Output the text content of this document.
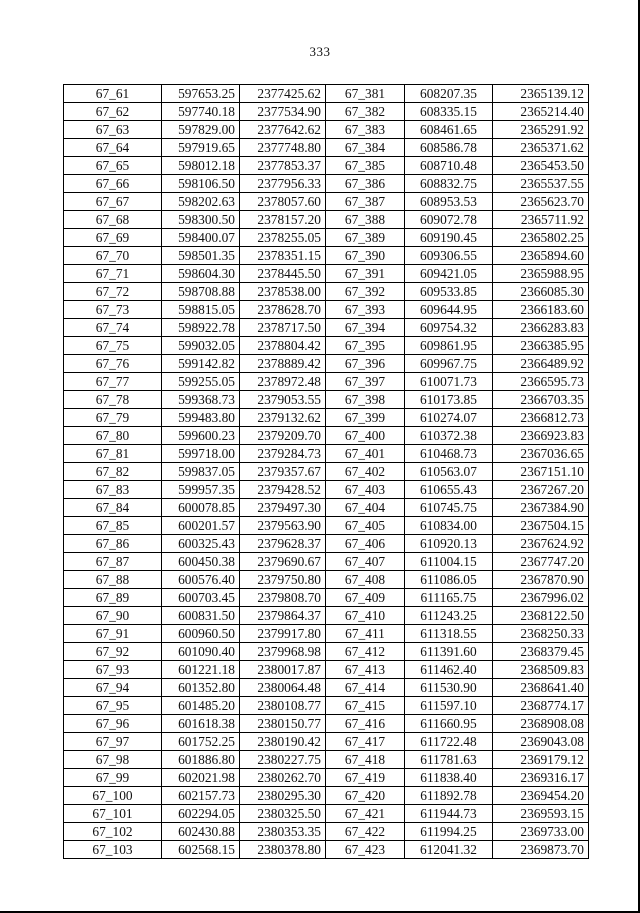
333
67_61	597653.25	2377425.62	67_381	608207.35	2365139.12
67_62	597740.18	2377534.90	67_382	608335.15	2365214.40
67_63	597829.00	2377642.62	67_383	608461.65	2365291.92
67_64	597919.65	2377748.80	67_384	608586.78	2365371.62
67_65	598012.18	2377853.37	67_385	608710.48	2365453.50
67_66	598106.50	2377956.33	67_386	608832.75	2365537.55
67_67	598202.63	2378057.60	67_387	608953.53	2365623.70
67_68	598300.50	2378157.20	67_388	609072.78	2365711.92
67_69	598400.07	2378255.05	67_389	609190.45	2365802.25
67_70	598501.35	2378351.15	67_390	609306.55	2365894.60
67_71	598604.30	2378445.50	67_391	609421.05	2365988.95
67_72	598708.88	2378538.00	67_392	609533.85	2366085.30
67_73	598815.05	2378628.70	67_393	609644.95	2366183.60
67_74	598922.78	2378717.50	67_394	609754.32	2366283.83
67_75	599032.05	2378804.42	67_395	609861.95	2366385.95
67_76	599142.82	2378889.42	67_396	609967.75	2366489.92
67_77	599255.05	2378972.48	67_397	610071.73	2366595.73
67_78	599368.73	2379053.55	67_398	610173.85	2366703.35
67_79	599483.80	2379132.62	67_399	610274.07	2366812.73
67_80	599600.23	2379209.70	67_400	610372.38	2366923.83
67_81	599718.00	2379284.73	67_401	610468.73	2367036.65
67_82	599837.05	2379357.67	67_402	610563.07	2367151.10
67_83	599957.35	2379428.52	67_403	610655.43	2367267.20
67_84	600078.85	2379497.30	67_404	610745.75	2367384.90
67_85	600201.57	2379563.90	67_405	610834.00	2367504.15
67_86	600325.43	2379628.37	67_406	610920.13	2367624.92
67_87	600450.38	2379690.67	67_407	611004.15	2367747.20
67_88	600576.40	2379750.80	67_408	611086.05	2367870.90
67_89	600703.45	2379808.70	67_409	611165.75	2367996.02
67_90	600831.50	2379864.37	67_410	611243.25	2368122.50
67_91	600960.50	2379917.80	67_411	611318.55	2368250.33
67_92	601090.40	2379968.98	67_412	611391.60	2368379.45
67_93	601221.18	2380017.87	67_413	611462.40	2368509.83
67_94	601352.80	2380064.48	67_414	611530.90	2368641.40
67_95	601485.20	2380108.77	67_415	611597.10	2368774.17
67_96	601618.38	2380150.77	67_416	611660.95	2368908.08
67_97	601752.25	2380190.42	67_417	611722.48	2369043.08
67_98	601886.80	2380227.75	67_418	611781.63	2369179.12
67_99	602021.98	2380262.70	67_419	611838.40	2369316.17
67_100	602157.73	2380295.30	67_420	611892.78	2369454.20
67_101	602294.05	2380325.50	67_421	611944.73	2369593.15
67_102	602430.88	2380353.35	67_422	611994.25	2369733.00
67_103	602568.15	2380378.80	67_423	612041.32	2369873.70
